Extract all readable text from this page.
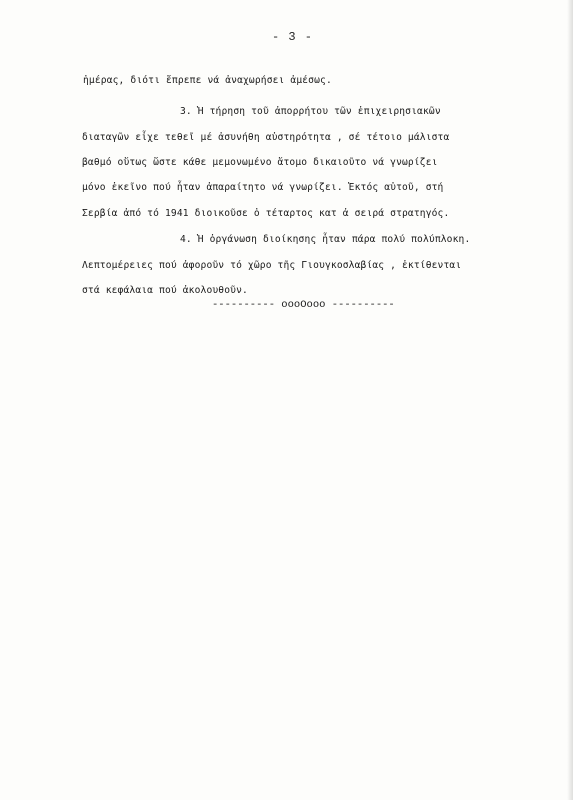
- 3 -

ἡμέρας, διότι ἔπρεπε νά ἀναχωρήσει ἀμέσως.

3. Ἡ τήρηση τοῦ ἀπορρήτου τῶν ἐπιχειρησιακῶν

διαταγῶν εἶχε τεθεῖ μέ ἀσυνήθη αὐστηρότητα , σέ τέτοιο μάλιστα

βαθμό οὕτως ὥστε κάθε μεμονωμένο ἄτομο δικαιοῦτο νά γνωρίζει

μόνο ἐκεῖνο πού ἦταν ἀπαραίτητο νά γνωρίζει. Ἐκτός αὐτοῦ, στή

Σερβία ἀπό τό 1941 διοικοῦσε ὁ τέταρτος κατ ἀ σειρά στρατηγός.

4. Ἡ ὀργάνωση διοίκησης ἦταν πάρα πολύ πολύπλοκη.

Λεπτομέρειες πού ἀφοροῦν τό χῶρο τῆς Γιουγκοσλαβίας , ἐκτίθενται

στά κεφάλαια πού ἀκολουθοῦν.

---------- oooOooo ----------
